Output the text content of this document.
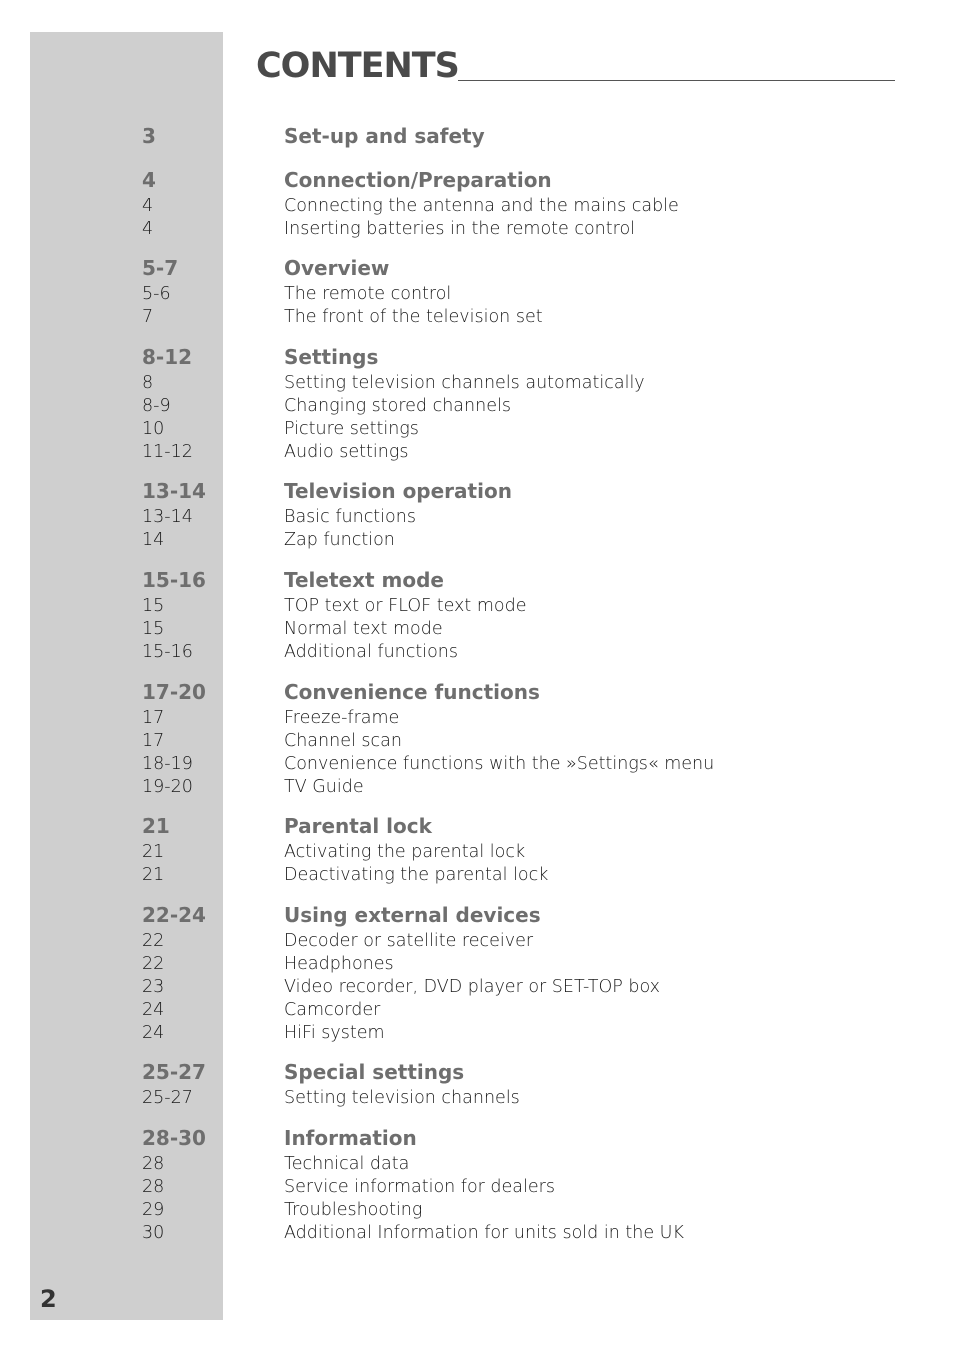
CONTENTS
3	Set-up and safety
4	Connection/Preparation
4	Connecting the antenna and the mains cable
4	Inserting batteries in the remote control
5-7	Overview
5-6	The remote control
7	The front of the television set
8-12	Settings
8	Setting television channels automatically
8-9	Changing stored channels
10	Picture settings
11-12	Audio settings
13-14	Television operation
13-14	Basic functions
14	Zap function
15-16	Teletext mode
15	TOP text or FLOF text mode
15	Normal text mode
15-16	Additional functions
17-20	Convenience functions
17	Freeze-frame
17	Channel scan
18-19	Convenience functions with the »Settings« menu
19-20	TV Guide
21	Parental lock
21	Activating the parental lock
21	Deactivating the parental lock
22-24	Using external devices
22	Decoder or satellite receiver
22	Headphones
23	Video recorder, DVD player or SET-TOP box
24	Camcorder
24	HiFi system
25-27	Special settings
25-27	Setting television channels
28-30	Information
28	Technical data
28	Service information for dealers
29	Troubleshooting
30	Additional Information for units sold in the UK
2
